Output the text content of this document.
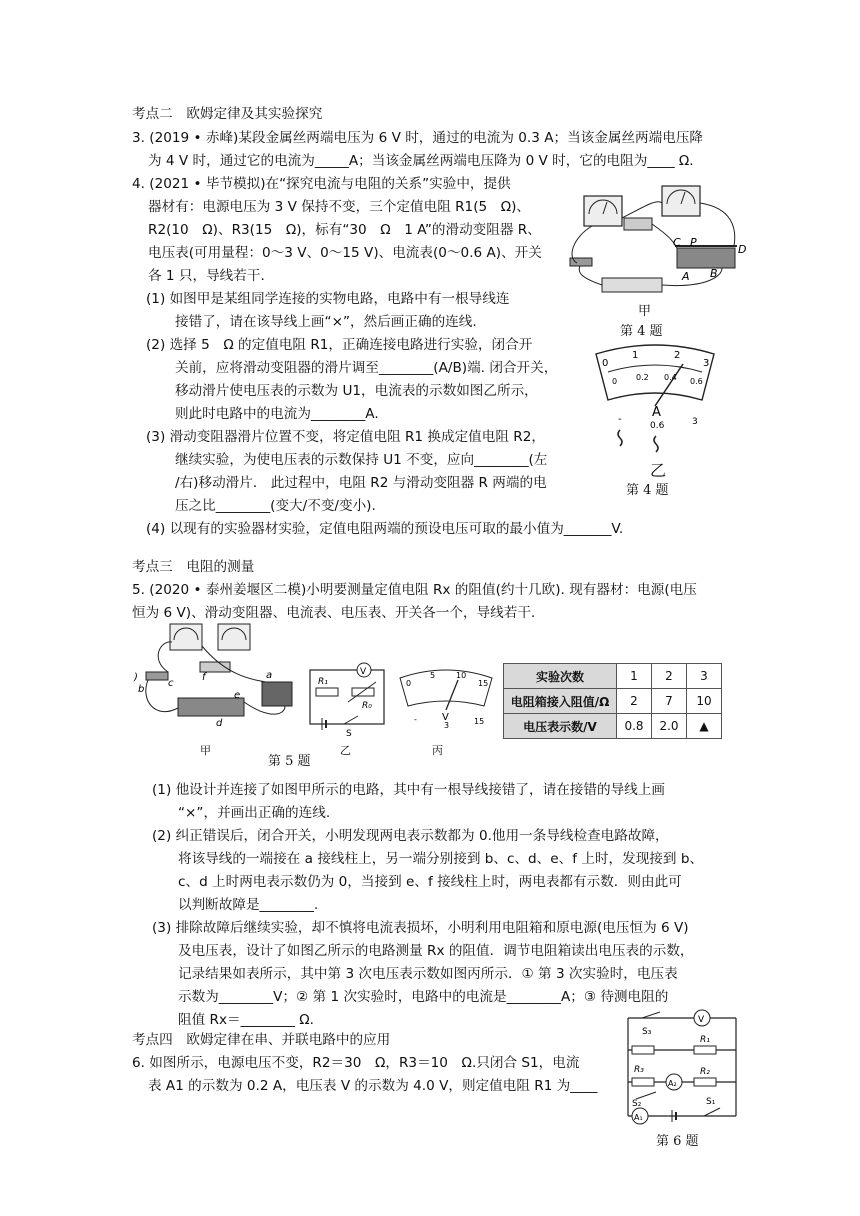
考点二　欧姆定律及其实验探究
3. (2019 • 赤峰)某段金属丝两端电压为 6 V 时，通过的电流为 0.3 A；当该金属丝两端电压降
为 4 V 时，通过它的电流为_____A；当该金属丝两端电压降为 0 V 时，它的电阻为____ Ω.
4. (2021 • 毕节模拟)在“探究电流与电阻的关系”实验中，提供
器材有：电源电压为 3 V 保持不变，三个定值电阻 R1(5　Ω)、
R2(10　Ω)、R3(15　Ω)，标有“30　Ω　1 A”的滑动变阻器 R、
电压表(可用量程：0～3 V、0～15 V)、电流表(0～0.6 A)、开关
各 1 只，导线若干.
(1) 如图甲是某组同学连接的实物电路，电路中有一根导线连
接错了，请在该导线上画“×”，然后画正确的连线.
(2) 选择 5　Ω 的定值电阻 R1，正确连接电路进行实验，闭合开
关前，应将滑动变阻器的滑片调至________(A/B)端. 闭合开关，
移动滑片使电压表的示数为 U1，电流表的示数如图乙所示，
则此时电路中的电流为________A.
(3) 滑动变阻器滑片位置不变，将定值电阻 R1 换成定值电阻 R2，
继续实验，为使电压表的示数保持 U1 不变，应向________(左
/右)移动滑片． 此过程中，电阻 R2 与滑动变阻器 R 两端的电
压之比________(变大/不变/变小).
(4) 以现有的实验器材实验，定值电阻两端的预设电压可取的最小值为_______V.
C P
D
A B
甲
第 4 题
0
1	2
3
0 0.2 0.4 0.6
A
-
0.6	3
乙
第 4 题
考点三　电阻的测量
5. (2020 • 泰州姜堰区二模)小明要测量定值电阻 Rx 的阻值(约十几欧). 现有器材：电源(电压
恒为 6 V)、滑动变阻器、电流表、电压表、开关各一个，导线若干.
)	a
b
c
d
e
f	V
R₁
R₀
S
0
5	10
15
V
-
3	15
甲
第 5 题
乙	丙
实验次数	1	2	3
电阻箱接入阻值/Ω	2	7	10
电压表示数/V	0.8	2.0	▲
(1) 他设计并连接了如图甲所示的电路，其中有一根导线接错了，请在接错的导线上画
“×”，并画出正确的连线.
(2) 纠正错误后，闭合开关，小明发现两电表示数都为 0.他用一条导线检查电路故障，
将该导线的一端接在 a 接线柱上，另一端分别接到 b、c、d、e、f 上时，发现接到 b、
c、d 上时两电表示数仍为 0，当接到 e、f 接线柱上时，两电表都有示数．则由此可
以判断故障是________.
(3) 排除故障后继续实验，却不慎将电流表损坏，小明利用电阻箱和原电源(电压恒为 6 V)
及电压表，设计了如图乙所示的电路测量 Rx 的阻值．调节电阻箱读出电压表的示数，
记录结果如表所示，其中第 3 次电压表示数如图丙所示．① 第 3 次实验时，电压表
示数为________V；② 第 1 次实验时，电路中的电流是________A；③ 待测电阻的
阻值 Rx＝________ Ω.
考点四　欧姆定律在串、并联电路中的应用
6. 如图所示，电源电压不变，R2＝30　Ω，R3＝10　Ω.只闭合 S1，电流
表 A1 的示数为 0.2 A，电压表 V 的示数为 4.0 V，则定值电阻 R1 为____
S₃
V
R₁
R₃
A₂
R₂
S₂
A₁
S₁
第 6 题
